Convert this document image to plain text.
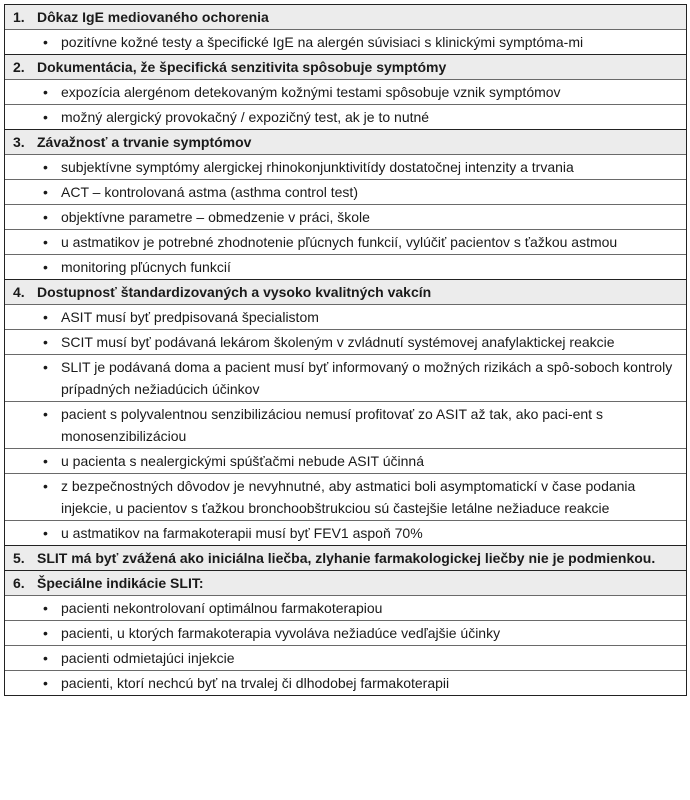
1. Dôkaz IgE mediovaného ochorenia
• pozitívne kožné testy a špecifické IgE na alergén súvisiaci s klinickými symptóma-mi
2. Dokumentácia, že špecifická senzitivita spôsobuje symptómy
• expozícia alergénom detekovaným kožnými testami spôsobuje vznik symptómov
• možný alergický provokačný / expozičný test, ak je to nutné
3. Závažnosť a trvanie symptómov
• subjektívne symptómy alergickej rhinokonjunktivitídy dostatočnej intenzity a trvania
• ACT – kontrolovaná astma (asthma control test)
• objektívne parametre – obmedzenie v práci, škole
• u astmatikov je potrebné zhodnotenie pľúcnych funkcií, vylúčiť pacientov s ťažkou astmou
• monitoring pľúcnych funkcií
4. Dostupnosť štandardizovaných a vysoko kvalitných vakcín
• ASIT musí byť predpisovaná špecialistom
• SCIT musí byť podávaná lekárom školeným v zvládnutí systémovej anafylaktickej reakcie
• SLIT je podávaná doma a pacient musí byť informovaný o možných rizikách a spô-soboch kontroly prípadných nežiadúcich účinkov
• pacient s polyvalentnou senzibilizáciou nemusí profitovať zo ASIT až tak, ako paci-ent s monosenzibilizáciou
• u pacienta s nealergickými spúšťačmi nebude ASIT účinná
• z bezpečnostných dôvodov je nevyhnutné, aby astmatici boli asymptomatickí v čase podania injekcie, u pacientov s ťažkou bronchoobštrukciou sú častejšie letálne nežiaduce reakcie
• u astmatikov na farmakoterapii musí byť FEV1 aspoň 70%
5. SLIT má byť zvážená ako iniciálna liečba, zlyhanie farmakologickej liečby nie je podmienkou.
6. Špeciálne indikácie SLIT:
• pacienti nekontrolovaní optimálnou farmakoterapiou
• pacienti, u ktorých farmakoterapia vyvoláva nežiadúce vedľajšie účinky
• pacienti odmietajúci injekcie
• pacienti, ktorí nechcú byť na trvalej či dlhodobej farmakoterapii
